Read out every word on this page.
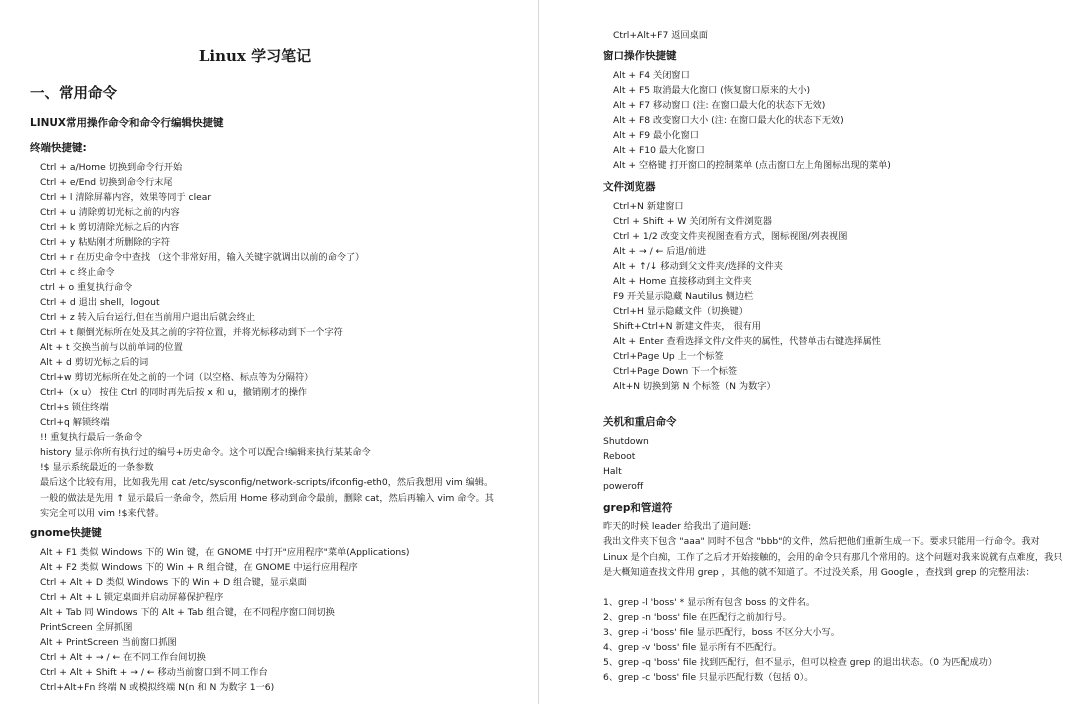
Linux 学习笔记
一、常用命令
LINUX常用操作命令和命令行编辑快捷键
终端快捷键:
Ctrl + a/Home 切换到命令行开始
Ctrl + e/End 切换到命令行末尾
Ctrl + l 清除屏幕内容，效果等同于 clear
Ctrl + u 清除剪切光标之前的内容
Ctrl + k 剪切清除光标之后的内容
Ctrl + y 粘贴刚才所删除的字符
Ctrl + r 在历史命令中查找 （这个非常好用，输入关键字就调出以前的命令了）
Ctrl + c 终止命令
ctrl + o 重复执行命令
Ctrl + d 退出 shell，logout
Ctrl + z 转入后台运行,但在当前用户退出后就会终止
Ctrl + t 颠倒光标所在处及其之前的字符位置，并将光标移动到下一个字符
Alt + t 交换当前与以前单词的位置
Alt + d 剪切光标之后的词
Ctrl+w 剪切光标所在处之前的一个词（以空格、标点等为分隔符）
Ctrl+（x u） 按住 Ctrl 的同时再先后按 x 和 u，撤销刚才的操作
Ctrl+s 锁住终端
Ctrl+q 解锁终端
!! 重复执行最后一条命令
history 显示你所有执行过的编号+历史命令。这个可以配合!编辑来执行某某命令
!$ 显示系统最近的一条参数
最后这个比较有用，比如我先用 cat /etc/sysconfig/network-scripts/ifconfig-eth0，然后我想用 vim 编辑。一般的做法是先用 ↑ 显示最后一条命令，然后用 Home 移动到命令最前，删除 cat，然后再输入 vim 命令。其实完全可以用 vim !$来代替。
gnome快捷键
Alt + F1 类似 Windows 下的 Win 键，在 GNOME 中打开"应用程序"菜单(Applications)
Alt + F2 类似 Windows 下的 Win + R 组合键，在 GNOME 中运行应用程序
Ctrl + Alt + D 类似 Windows 下的 Win + D 组合键，显示桌面
Ctrl + Alt + L 锁定桌面并启动屏幕保护程序
Alt + Tab 同 Windows 下的 Alt + Tab 组合键，在不同程序窗口间切换
PrintScreen 全屏抓图
Alt + PrintScreen 当前窗口抓图
Ctrl + Alt + → / ← 在不同工作台间切换
Ctrl + Alt + Shift + → / ← 移动当前窗口到不同工作台
Ctrl+Alt+Fn 终端 N 或模拟终端 N(n 和 N 为数字 1一6)
Ctrl+Alt+F7 返回桌面
窗口操作快捷键
Alt + F4 关闭窗口
Alt + F5 取消最大化窗口 (恢复窗口原来的大小)
Alt + F7 移动窗口 (注: 在窗口最大化的状态下无效)
Alt + F8 改变窗口大小 (注: 在窗口最大化的状态下无效)
Alt + F9 最小化窗口
Alt + F10 最大化窗口
Alt + 空格键 打开窗口的控制菜单 (点击窗口左上角图标出现的菜单)
文件浏览器
Ctrl+N 新建窗口
Ctrl + Shift + W 关闭所有文件浏览器
Ctrl + 1/2 改变文件夹视图查看方式，图标视图/列表视图
Alt + → / ← 后退/前进
Alt + ↑/↓ 移动到父文件夹/选择的文件夹
Alt + Home 直接移动到主文件夹
F9 开关显示隐藏 Nautilus 侧边栏
Ctrl+H 显示隐藏文件（切换键）
Shift+Ctrl+N 新建文件夹， 很有用
Alt + Enter 查看选择文件/文件夹的属性，代替单击右键选择属性
Ctrl+Page Up 上一个标签
Ctrl+Page Down 下一个标签
Alt+N 切换到第 N 个标签（N 为数字）
关机和重启命令
Shutdown
Reboot
Halt
poweroff
grep和管道符
昨天的时候 leader 给我出了道问题:
我出文件夹下包含 "aaa" 同时不包含 "bbb"的文件，然后把他们重新生成一下。要求只能用一行命令。我对 Linux 是个白痴，工作了之后才开始接触的，会用的命令只有那几个常用的。这个问题对我来说就有点难度，我只是大概知道查找文件用 grep ，其他的就不知道了。不过没关系，用 Google ，查找到 grep 的完整用法：
1、grep -l 'boss' * 显示所有包含 boss 的文件名。
2、grep -n 'boss' file 在匹配行之前加行号。
3、grep -i 'boss' file 显示匹配行，boss 不区分大小写。
4、grep -v 'boss' file 显示所有不匹配行。
5、grep -q 'boss' file 找到匹配行，但不显示，但可以检查 grep 的退出状态。（0 为匹配成功）
6、grep -c 'boss' file 只显示匹配行数（包括 0）。
